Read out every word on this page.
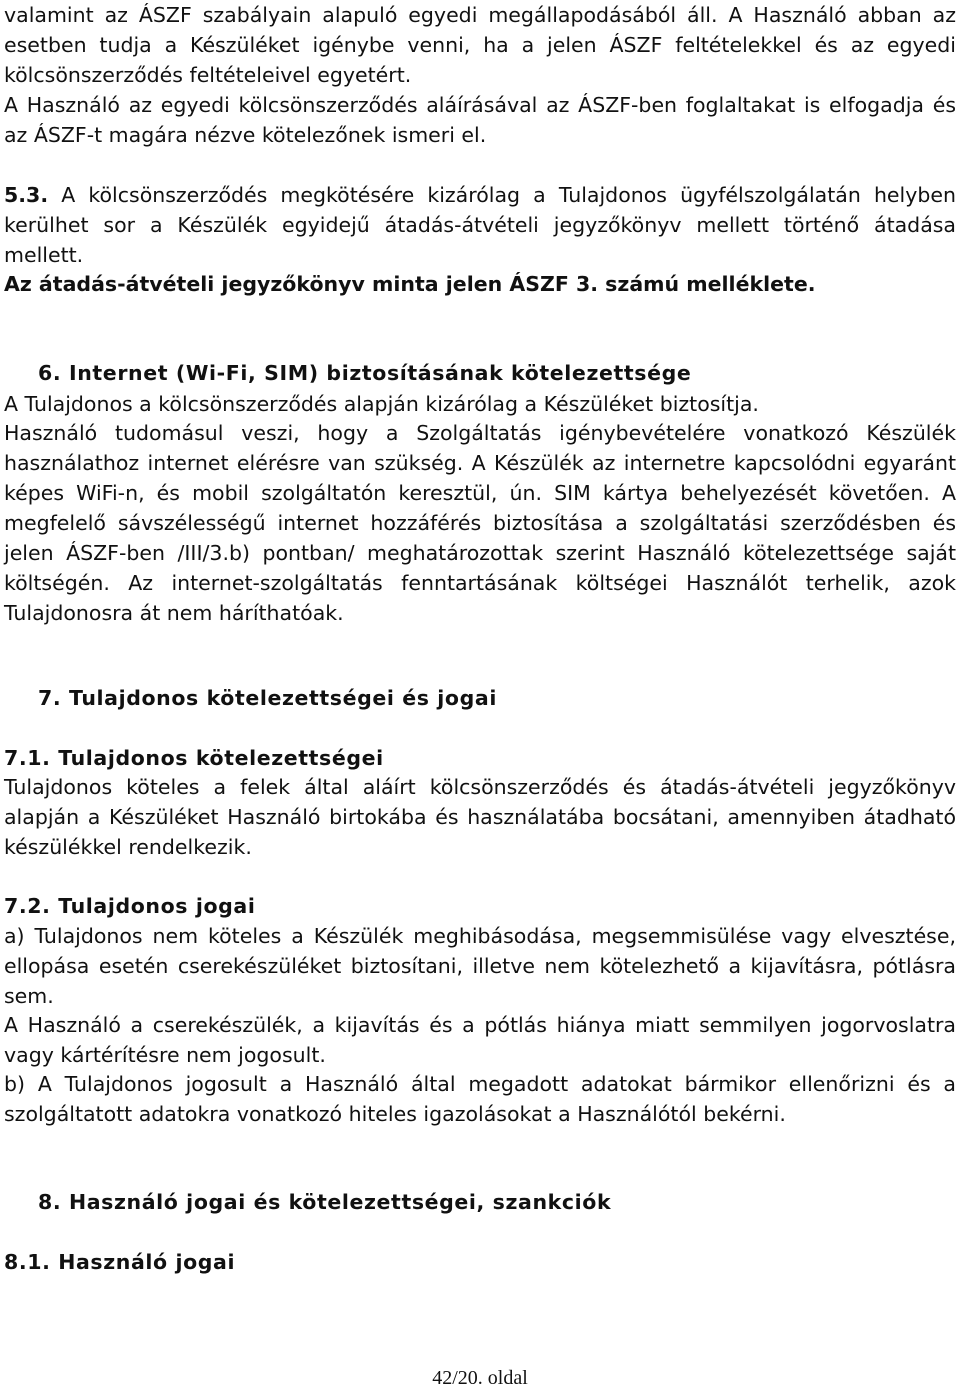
valamint az ÁSZF szabályain alapuló egyedi megállapodásából áll. A Használó abban az esetben tudja a Készüléket igénybe venni, ha a jelen ÁSZF feltételekkel és az egyedi kölcsönszerződés feltételeivel egyetért.

A Használó az egyedi kölcsönszerződés aláírásával az ÁSZF-ben foglaltakat is elfogadja és az ÁSZF-t magára nézve kötelezőnek ismeri el.

5.3. A kölcsönszerződés megkötésére kizárólag a Tulajdonos ügyfélszolgálatán helyben kerülhet sor a Készülék egyidejű átadás-átvételi jegyzőkönyv mellett történő átadása mellett.

Az átadás-átvételi jegyzőkönyv minta jelen ÁSZF 3. számú melléklete.

6. Internet (Wi-Fi, SIM) biztosításának kötelezettsége

A Tulajdonos a kölcsönszerződés alapján kizárólag a Készüléket biztosítja.

Használó tudomásul veszi, hogy a Szolgáltatás igénybevételére vonatkozó Készülék használathoz internet elérésre van szükség. A Készülék az internetre kapcsolódni egyaránt képes WiFi-n, és mobil szolgáltatón keresztül, ún. SIM kártya behelyezését követően. A megfelelő sávszélességű internet hozzáférés biztosítása a szolgáltatási szerződésben és jelen ÁSZF-ben /III/3.b) pontban/ meghatározottak szerint Használó kötelezettsége saját költségén. Az internet-szolgáltatás fenntartásának költségei Használót terhelik, azok Tulajdonosra át nem háríthatóak.

7. Tulajdonos kötelezettségei és jogai
7.1. Tulajdonos kötelezettségei

Tulajdonos köteles a felek által aláírt kölcsönszerződés és átadás-átvételi jegyzőkönyv alapján a Készüléket Használó birtokába és használatába bocsátani, amennyiben átadható készülékkel rendelkezik.

7.2. Tulajdonos jogai

a) Tulajdonos nem köteles a Készülék meghibásodása, megsemmisülése vagy elvesztése, ellopása esetén cserekészüléket biztosítani, illetve nem kötelezhető a kijavításra, pótlásra sem.

A Használó a cserekészülék, a kijavítás és a pótlás hiánya miatt semmilyen jogorvoslatra vagy kártérítésre nem jogosult.

b) A Tulajdonos jogosult a Használó által megadott adatokat bármikor ellenőrizni és a szolgáltatott adatokra vonatkozó hiteles igazolásokat a Használótól bekérni.

8. Használó jogai és kötelezettségei, szankciók
8.1. Használó jogai
42/20. oldal
